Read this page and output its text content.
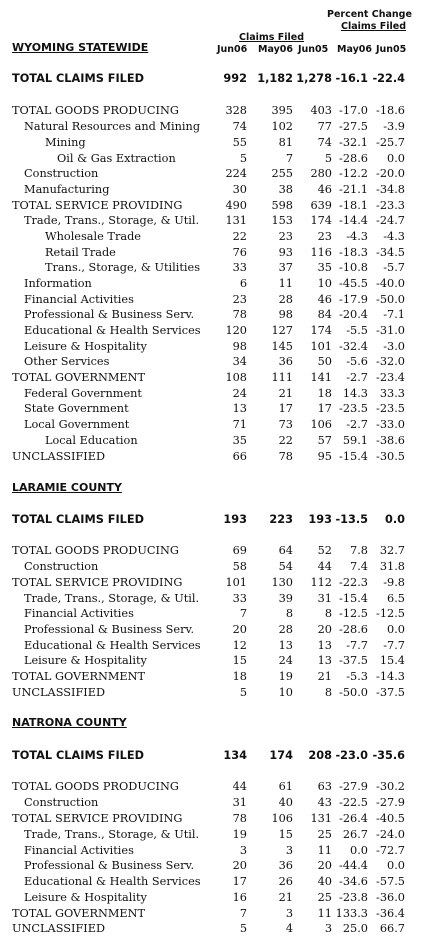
Percent Change
Claims Filed
Claims Filed
Jun06 May06 Jun05 May06 Jun05
WYOMING STATEWIDE
TOTAL CLAIMS FILED	992 1,182 1,278 -16.1 -22.4
TOTAL GOODS PRODUCING	328 395 403 -17.0 -18.6
Natural Resources and Mining	74 102 77 -27.5 -3.9
Mining	55	81 74 -32.1 -25.7
Oil & Gas Extraction	5	7	5 -28.6 0.0
Construction	224 255 280 -12.2 -20.0
Manufacturing	30	38 46 -21.1 -34.8
TOTAL SERVICE PROVIDING	490 598 639 -18.1 -23.3
Trade, Trans., Storage, & Util. 131 153 174 -14.4 -24.7
Wholesale Trade	22	23 23 -4.3 -4.3
Retail Trade	76	93 116 -18.3 -34.5
Trans., Storage, & Utilities	33	37 35 -10.8 -5.7
Information	6	11 10 -45.5 -40.0
Financial Activities	23	28 46 -17.9 -50.0
Professional & Business Serv.	78	98 84 -20.4 -7.1
Educational & Health Services 120 127 174 -5.5 -31.0
Leisure & Hospitality	98 145 101 -32.4 -3.0
Other Services	34	36 50 -5.6 -32.0
TOTAL GOVERNMENT	108 111 141 -2.7 -23.4
Federal Government	24	21 18 14.3 33.3
State Government	13	17 17 -23.5 -23.5
Local Government	71	73 106 -2.7 -33.0
Local Education	35	22 57 59.1 -38.6
UNCLASSIFIED	66	78 95 -15.4 -30.5
LARAMIE COUNTY
TOTAL CLAIMS FILED	193 223 193 -13.5 0.0
TOTAL GOODS PRODUCING	69	64 52 7.8 32.7
Construction	58	54 44 7.4 31.8
TOTAL SERVICE PROVIDING	101 130 112 -22.3 -9.8
Trade, Trans., Storage, & Util.	33	39 31 -15.4 6.5
Financial Activities	7	8	8 -12.5 -12.5
Professional & Business Serv.	20	28 20 -28.6 0.0
Educational & Health Services	12	13 13 -7.7 -7.7
Leisure & Hospitality	15	24 13 -37.5 15.4
TOTAL GOVERNMENT	18	19 21 -5.3 -14.3
UNCLASSIFIED	5	10	8 -50.0 -37.5
NATRONA COUNTY
TOTAL CLAIMS FILED	134 174 208 -23.0 -35.6
TOTAL GOODS PRODUCING	44	61 63 -27.9 -30.2
Construction	31	40 43 -22.5 -27.9
TOTAL SERVICE PROVIDING	78 106 131 -26.4 -40.5
Trade, Trans., Storage, & Util.	19	15 25 26.7 -24.0
Financial Activities	3	3 11 0.0 -72.7
Professional & Business Serv.	20	36 20 -44.4 0.0
Educational & Health Services	17	26 40 -34.6 -57.5
Leisure & Hospitality	16	21 25 -23.8 -36.0
TOTAL GOVERNMENT	7	3 11 133.3 -36.4
UNCLASSIFIED	5	4	3 25.0 66.7
